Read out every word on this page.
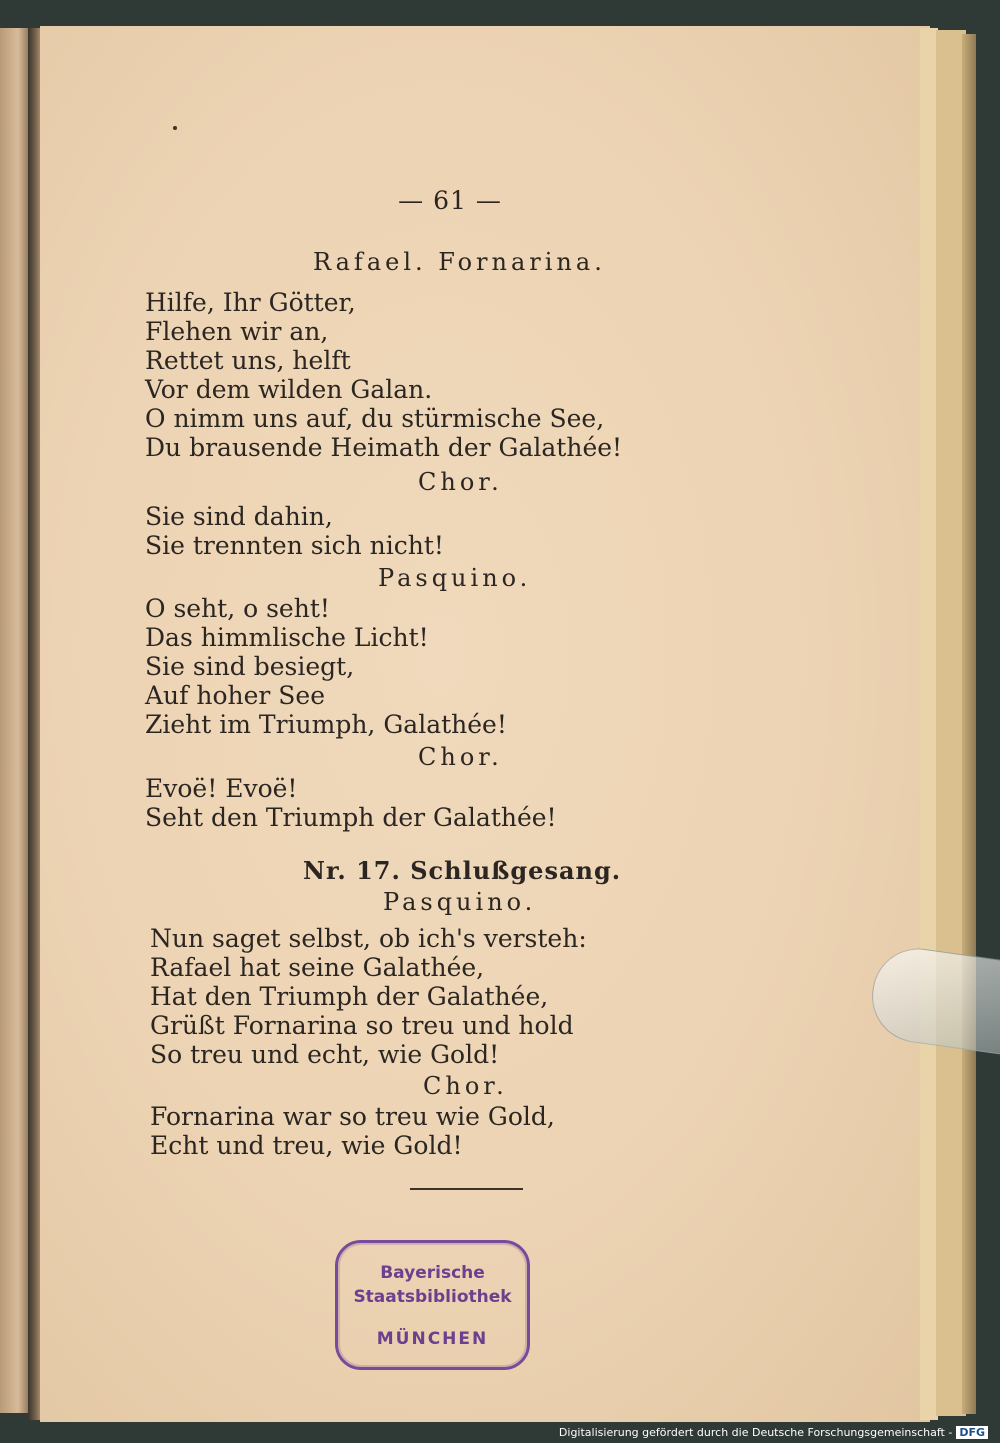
— 61 —
Rafael. Fornarina.
Hilfe, Ihr Götter,
Flehen wir an,
Rettet uns, helft
Vor dem wilden Galan.
O nimm uns auf, du stürmische See,
Du brausende Heimath der Galathée!
Chor.
Sie sind dahin,
Sie trennten sich nicht!
Pasquino.
O seht, o seht!
Das himmlische Licht!
Sie sind besiegt,
Auf hoher See
Zieht im Triumph, Galathée!
Chor.
Evoë! Evoë!
Seht den Triumph der Galathée!
Nr. 17. Schlußgesang.
Pasquino.
Nun saget selbst, ob ich's versteh:
Rafael hat seine Galathée,
Hat den Triumph der Galathée,
Grüßt Fornarina so treu und hold
So treu und echt, wie Gold!
Chor.
Fornarina war so treu wie Gold,
Echt und treu, wie Gold!
Bayerische
Staatsbibliothek
MÜNCHEN
Digitalisierung gefördert durch die Deutsche Forschungsgemeinschaft - DFG
